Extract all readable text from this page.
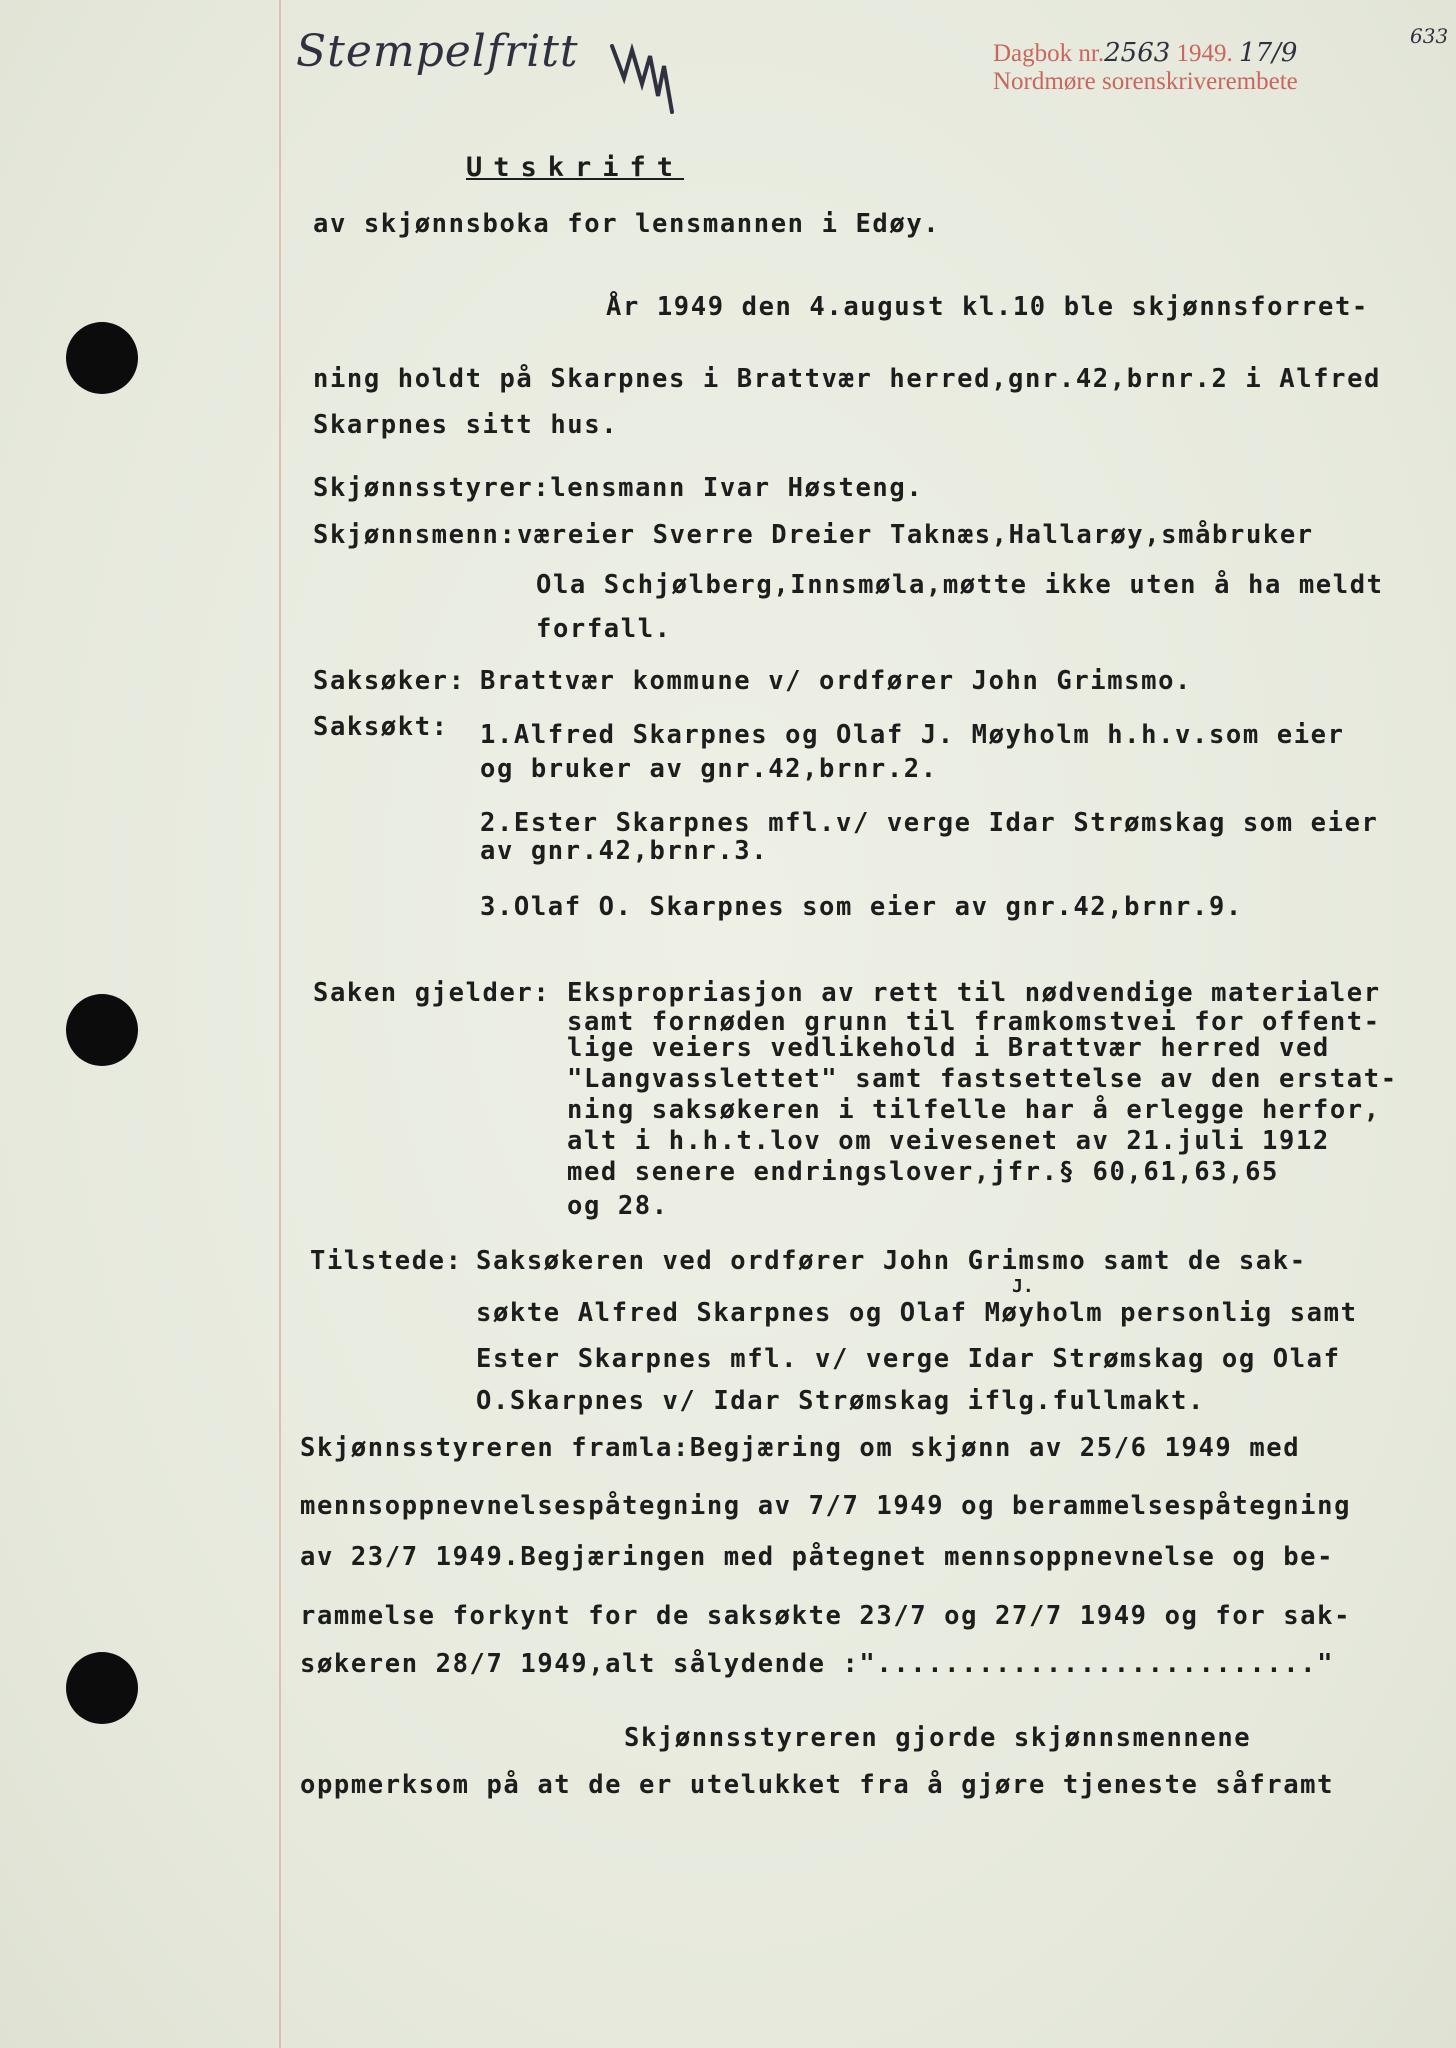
Stempelfritt	Dagbok nr.2563 1949. 17/9
Nordmøre sorenskriverembete
633
Utskrift
av skjønnsboka for lensmannen i Edøy.
År 1949 den 4.august kl.10 ble skjønnsforret-
ning holdt på Skarpnes i Brattvær herred,gnr.42,brnr.2 i Alfred
Skarpnes sitt hus.
Skjønnsstyrer:lensmann Ivar Høsteng.
Skjønnsmenn: væreier Sverre Dreier Taknæs,Hallarøy,småbruker
Ola Schjølberg,Innsmøla,møtte ikke uten å ha meldt
forfall.
Saksøker: Brattvær kommune v/ ordfører John Grimsmo.
Saksøkt: 1.Alfred Skarpnes og Olaf J. Møyholm h.h.v.som eier
og bruker av gnr.42,brnr.2.
2.Ester Skarpnes mfl.v/ verge Idar Strømskag som eier
av gnr.42,brnr.3.
3.Olaf O. Skarpnes som eier av gnr.42,brnr.9.
Saken gjelder: Ekspropriasjon av rett til nødvendige materialer
samt fornøden grunn til framkomstvei for offent-
lige veiers vedlikehold i Brattvær herred ved
"Langvasslettet" samt fastsettelse av den erstat-
ning saksøkeren i tilfelle har å erlegge herfor,
alt i h.h.t.lov om veivesenet av 21.juli 1912
med senere endringslover,jfr.§ 60,61,63,65
og 28.
Tilstede: Saksøkeren ved ordfører John Grimsmo samt de sak-
J.
søkte Alfred Skarpnes og Olaf Møyholm personlig samt
Ester Skarpnes mfl. v/ verge Idar Strømskag og Olaf
O.Skarpnes v/ Idar Strømskag iflg.fullmakt.
Skjønnsstyreren framla:Begjæring om skjønn av 25/6 1949 med
mennsoppnevnelsespåtegning av 7/7 1949 og berammelsespåtegning
av 23/7 1949.Begjæringen med påtegnet mennsoppnevnelse og be-
rammelse forkynt for de saksøkte 23/7 og 27/7 1949 og for sak-
søkeren 28/7 1949,alt sålydende :".........................."
Skjønnsstyreren gjorde skjønnsmennene
oppmerksom på at de er utelukket fra å gjøre tjeneste såframt
